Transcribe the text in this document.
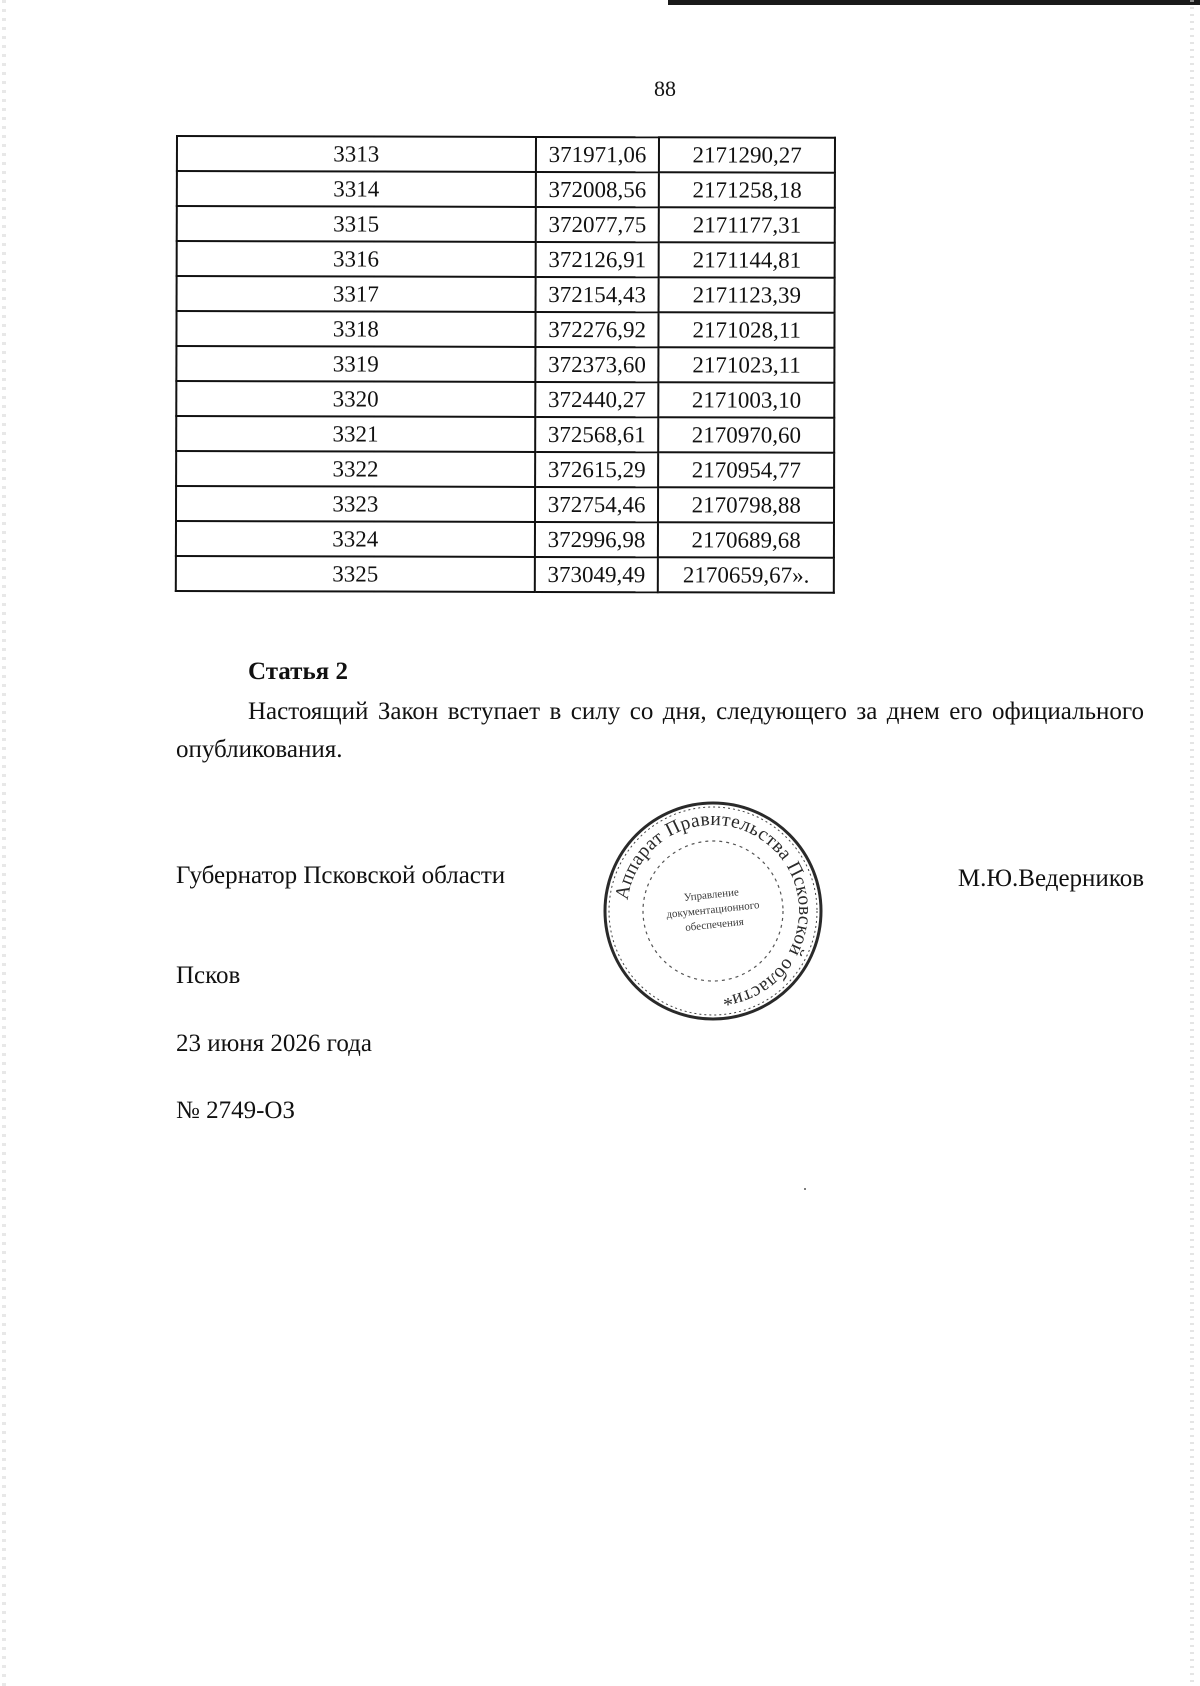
88
3313	371971,06	2171290,27
3314	372008,56	2171258,18
3315	372077,75	2171177,31
3316	372126,91	2171144,81
3317	372154,43	2171123,39
3318	372276,92	2171028,11
3319	372373,60	2171023,11
3320	372440,27	2171003,10
3321	372568,61	2170970,60
3322	372615,29	2170954,77
3323	372754,46	2170798,88
3324	372996,98	2170689,68
3325	373049,49	2170659,67».
Статья 2

Настоящий Закон вступает в силу со дня, следующего за днем его официального опубликования.

Губернатор Псковской области	М.Ю.Ведерников
Аппарат Правительства Псковской области
Управление
документационного
обеспечения
*
Псков
23 июня 2026 года
№ 2749-ОЗ
